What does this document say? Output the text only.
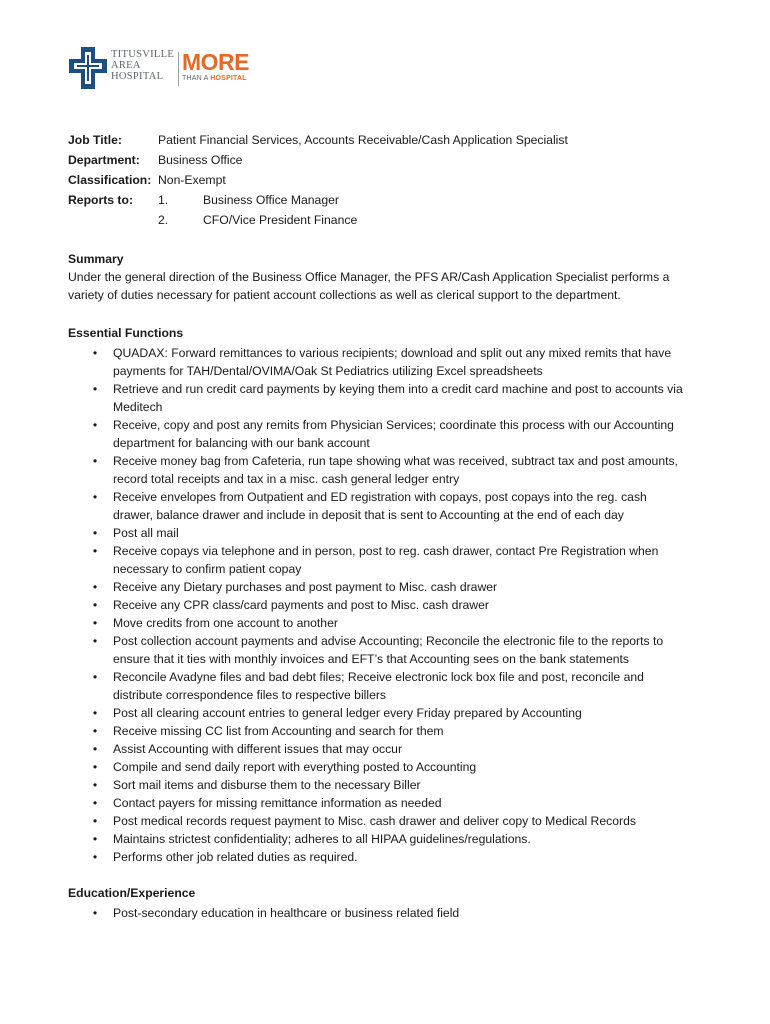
TITUSVILLE
AREA
HOSPITAL
MORE
THAN A HOSPITAL
Job Title:	Patient Financial Services, Accounts Receivable/Cash Application Specialist
Department:	Business Office
Classification: Non-Exempt
Reports to:	1.	Business Office Manager
2.	CFO/Vice President Finance
Summary
Under the general direction of the Business Office Manager, the PFS AR/Cash Application Specialist performs a
variety of duties necessary for patient account collections as well as clerical support to the department.
Essential Functions
• QUADAX: Forward remittances to various recipients; download and split out any mixed remits that have
payments for TAH/Dental/OVIMA/Oak St Pediatrics utilizing Excel spreadsheets
• Retrieve and run credit card payments by keying them into a credit card machine and post to accounts via
Meditech
• Receive, copy and post any remits from Physician Services; coordinate this process with our Accounting
department for balancing with our bank account
• Receive money bag from Cafeteria, run tape showing what was received, subtract tax and post amounts,
record total receipts and tax in a misc. cash general ledger entry
• Receive envelopes from Outpatient and ED registration with copays, post copays into the reg. cash
drawer, balance drawer and include in deposit that is sent to Accounting at the end of each day
• Post all mail
• Receive copays via telephone and in person, post to reg. cash drawer, contact Pre Registration when
necessary to confirm patient copay
• Receive any Dietary purchases and post payment to Misc. cash drawer
• Receive any CPR class/card payments and post to Misc. cash drawer
• Move credits from one account to another
• Post collection account payments and advise Accounting; Reconcile the electronic file to the reports to
ensure that it ties with monthly invoices and EFT’s that Accounting sees on the bank statements
• Reconcile Avadyne files and bad debt files; Receive electronic lock box file and post, reconcile and
distribute correspondence files to respective billers
• Post all clearing account entries to general ledger every Friday prepared by Accounting
• Receive missing CC list from Accounting and search for them
• Assist Accounting with different issues that may occur
• Compile and send daily report with everything posted to Accounting
• Sort mail items and disburse them to the necessary Biller
• Contact payers for missing remittance information as needed
• Post medical records request payment to Misc. cash drawer and deliver copy to Medical Records
• Maintains strictest confidentiality; adheres to all HIPAA guidelines/regulations.
• Performs other job related duties as required.
Education/Experience
• Post-secondary education in healthcare or business related field
